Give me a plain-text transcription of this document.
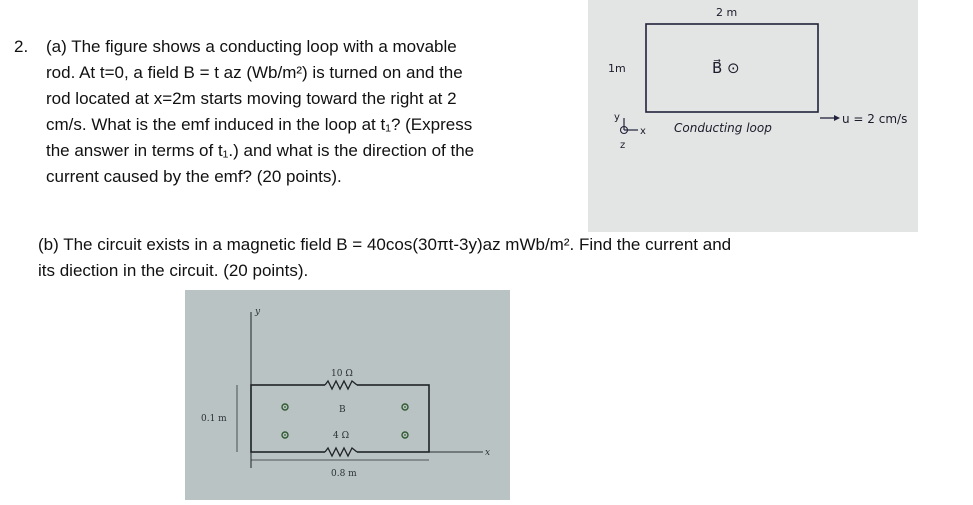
2. (a) The figure shows a conducting loop with a movable
rod. At t=0, a field B = t az (Wb/m²) is turned on and the
rod located at x=2m starts moving toward the right at 2
cm/s. What is the emf induced in the loop at t₁? (Express
the answer in terms of t₁.) and what is the direction of the
current caused by the emf? (20 points).
2 m
1m	B⃗ ⊙
Conducting loop
u = 2 cm/s
y
x
z
(b) The circuit exists in a magnetic field B = 40cos(30πt-3y)az mWb/m². Find the current and
its diection in the circuit. (20 points).
y
x
10 Ω
4 Ω
B
0.1 m
0.8 m
